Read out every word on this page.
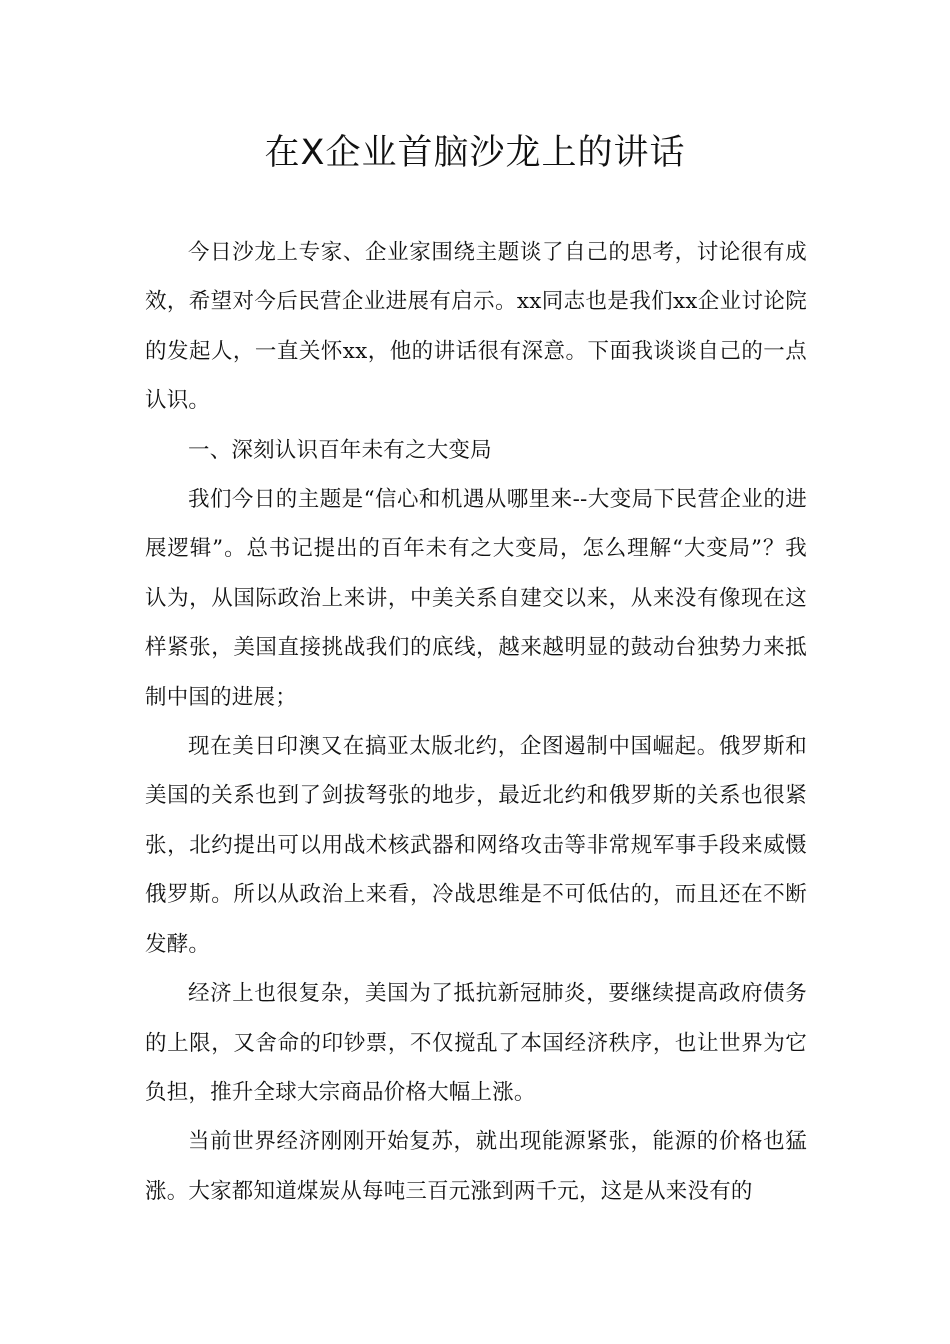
在X企业首脑沙龙上的讲话

今日沙龙上专家、企业家围绕主题谈了自己的思考，讨论很有成效，希望对今后民营企业进展有启示。xx同志也是我们xx企业讨论院的发起人，一直关怀xx，他的讲话很有深意。下面我谈谈自己的一点认识。

一、深刻认识百年未有之大变局

我们今日的主题是“信心和机遇从哪里来--大变局下民营企业的进展逻辑”。总书记提出的百年未有之大变局，怎么理解“大变局”？我认为，从国际政治上来讲，中美关系自建交以来，从来没有像现在这样紧张，美国直接挑战我们的底线，越来越明显的鼓动台独势力来抵制中国的进展；

现在美日印澳又在搞亚太版北约，企图遏制中国崛起。俄罗斯和美国的关系也到了剑拔弩张的地步，最近北约和俄罗斯的关系也很紧张，北约提出可以用战术核武器和网络攻击等非常规军事手段来威慑俄罗斯。所以从政治上来看，冷战思维是不可低估的，而且还在不断发酵。

经济上也很复杂，美国为了抵抗新冠肺炎，要继续提高政府债务的上限，又舍命的印钞票，不仅搅乱了本国经济秩序，也让世界为它负担，推升全球大宗商品价格大幅上涨。

当前世界经济刚刚开始复苏，就出现能源紧张，能源的价格也猛涨。大家都知道煤炭从每吨三百元涨到两千元，这是从来没有的
